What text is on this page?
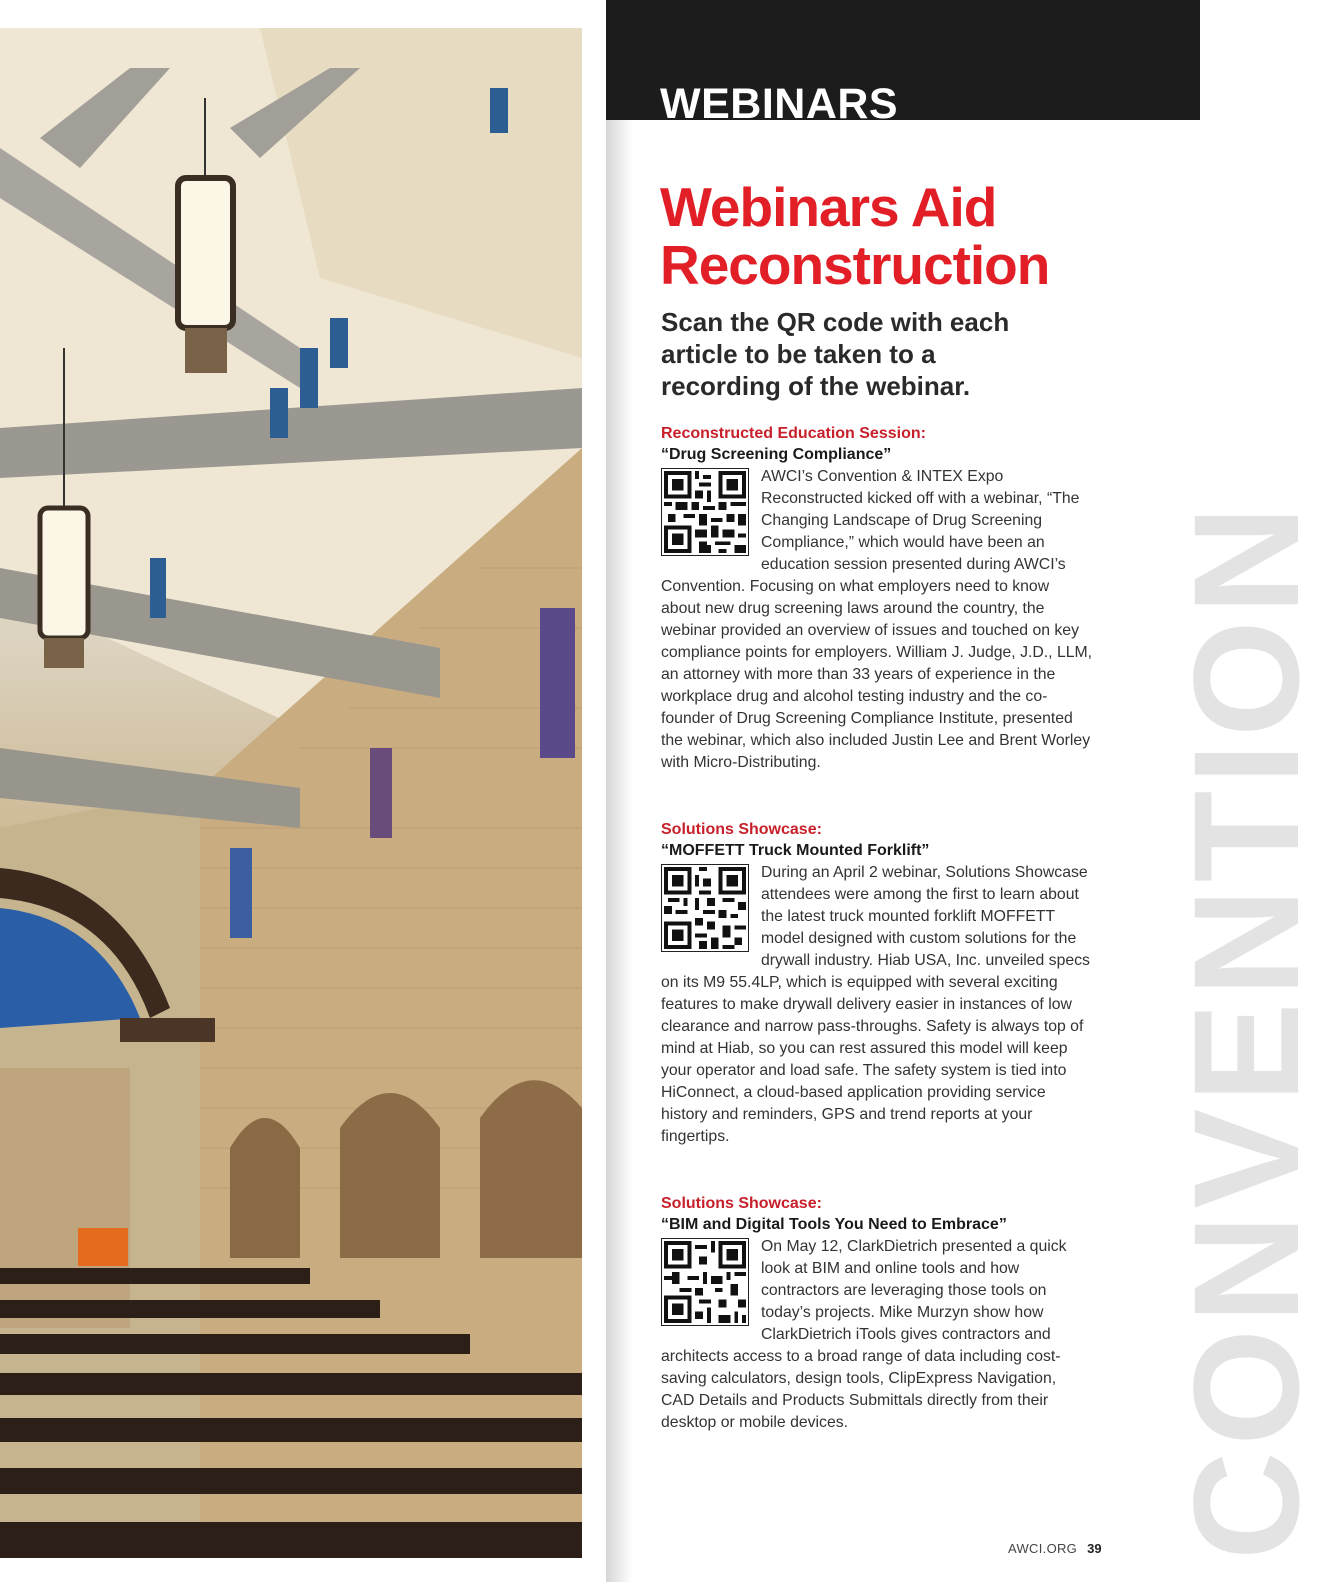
CONVENTION
WEBINARS
Webinars Aid Reconstruction

Scan the QR code with each article to be taken to a recording of the webinar.

Reconstructed Education Session:

“Drug Screening Compliance”

AWCI’s Convention & INTEX Expo Reconstructed kicked off with a webinar, “The Changing Landscape of Drug Screening Compliance,” which would have been an education session presented during AWCI’s Convention. Focusing on what employers need to know about new drug screening laws around the country, the webinar provided an overview of issues and touched on key compliance points for employers. William J. Judge, J.D., LLM, an attorney with more than 33 years of experience in the workplace drug and alcohol testing industry and the co-founder of Drug Screening Compliance Institute, presented the webinar, which also included Justin Lee and Brent Worley with Micro-Distributing.

Solutions Showcase:

“MOFFETT Truck Mounted Forklift”

During an April 2 webinar, Solutions Showcase attendees were among the first to learn about the latest truck mounted forklift MOFFETT model designed with custom solutions for the drywall industry. Hiab USA, Inc. unveiled specs on its M9 55.4LP, which is equipped with several exciting features to make drywall delivery easier in instances of low clearance and narrow pass-throughs. Safety is always top of mind at Hiab, so you can rest assured this model will keep your operator and load safe. The safety system is tied into HiConnect, a cloud-based application providing service history and reminders, GPS and trend reports at your fingertips.

Solutions Showcase:

“BIM and Digital Tools You Need to Embrace”

On May 12, ClarkDietrich presented a quick look at BIM and online tools and how contractors are leveraging those tools on today’s projects. Mike Murzyn show how ClarkDietrich iTools gives contractors and architects access to a broad range of data including cost-saving calculators, design tools, ClipExpress Navigation, CAD Details and Products Submittals directly from their desktop or mobile devices.

AWCI.ORG 39
